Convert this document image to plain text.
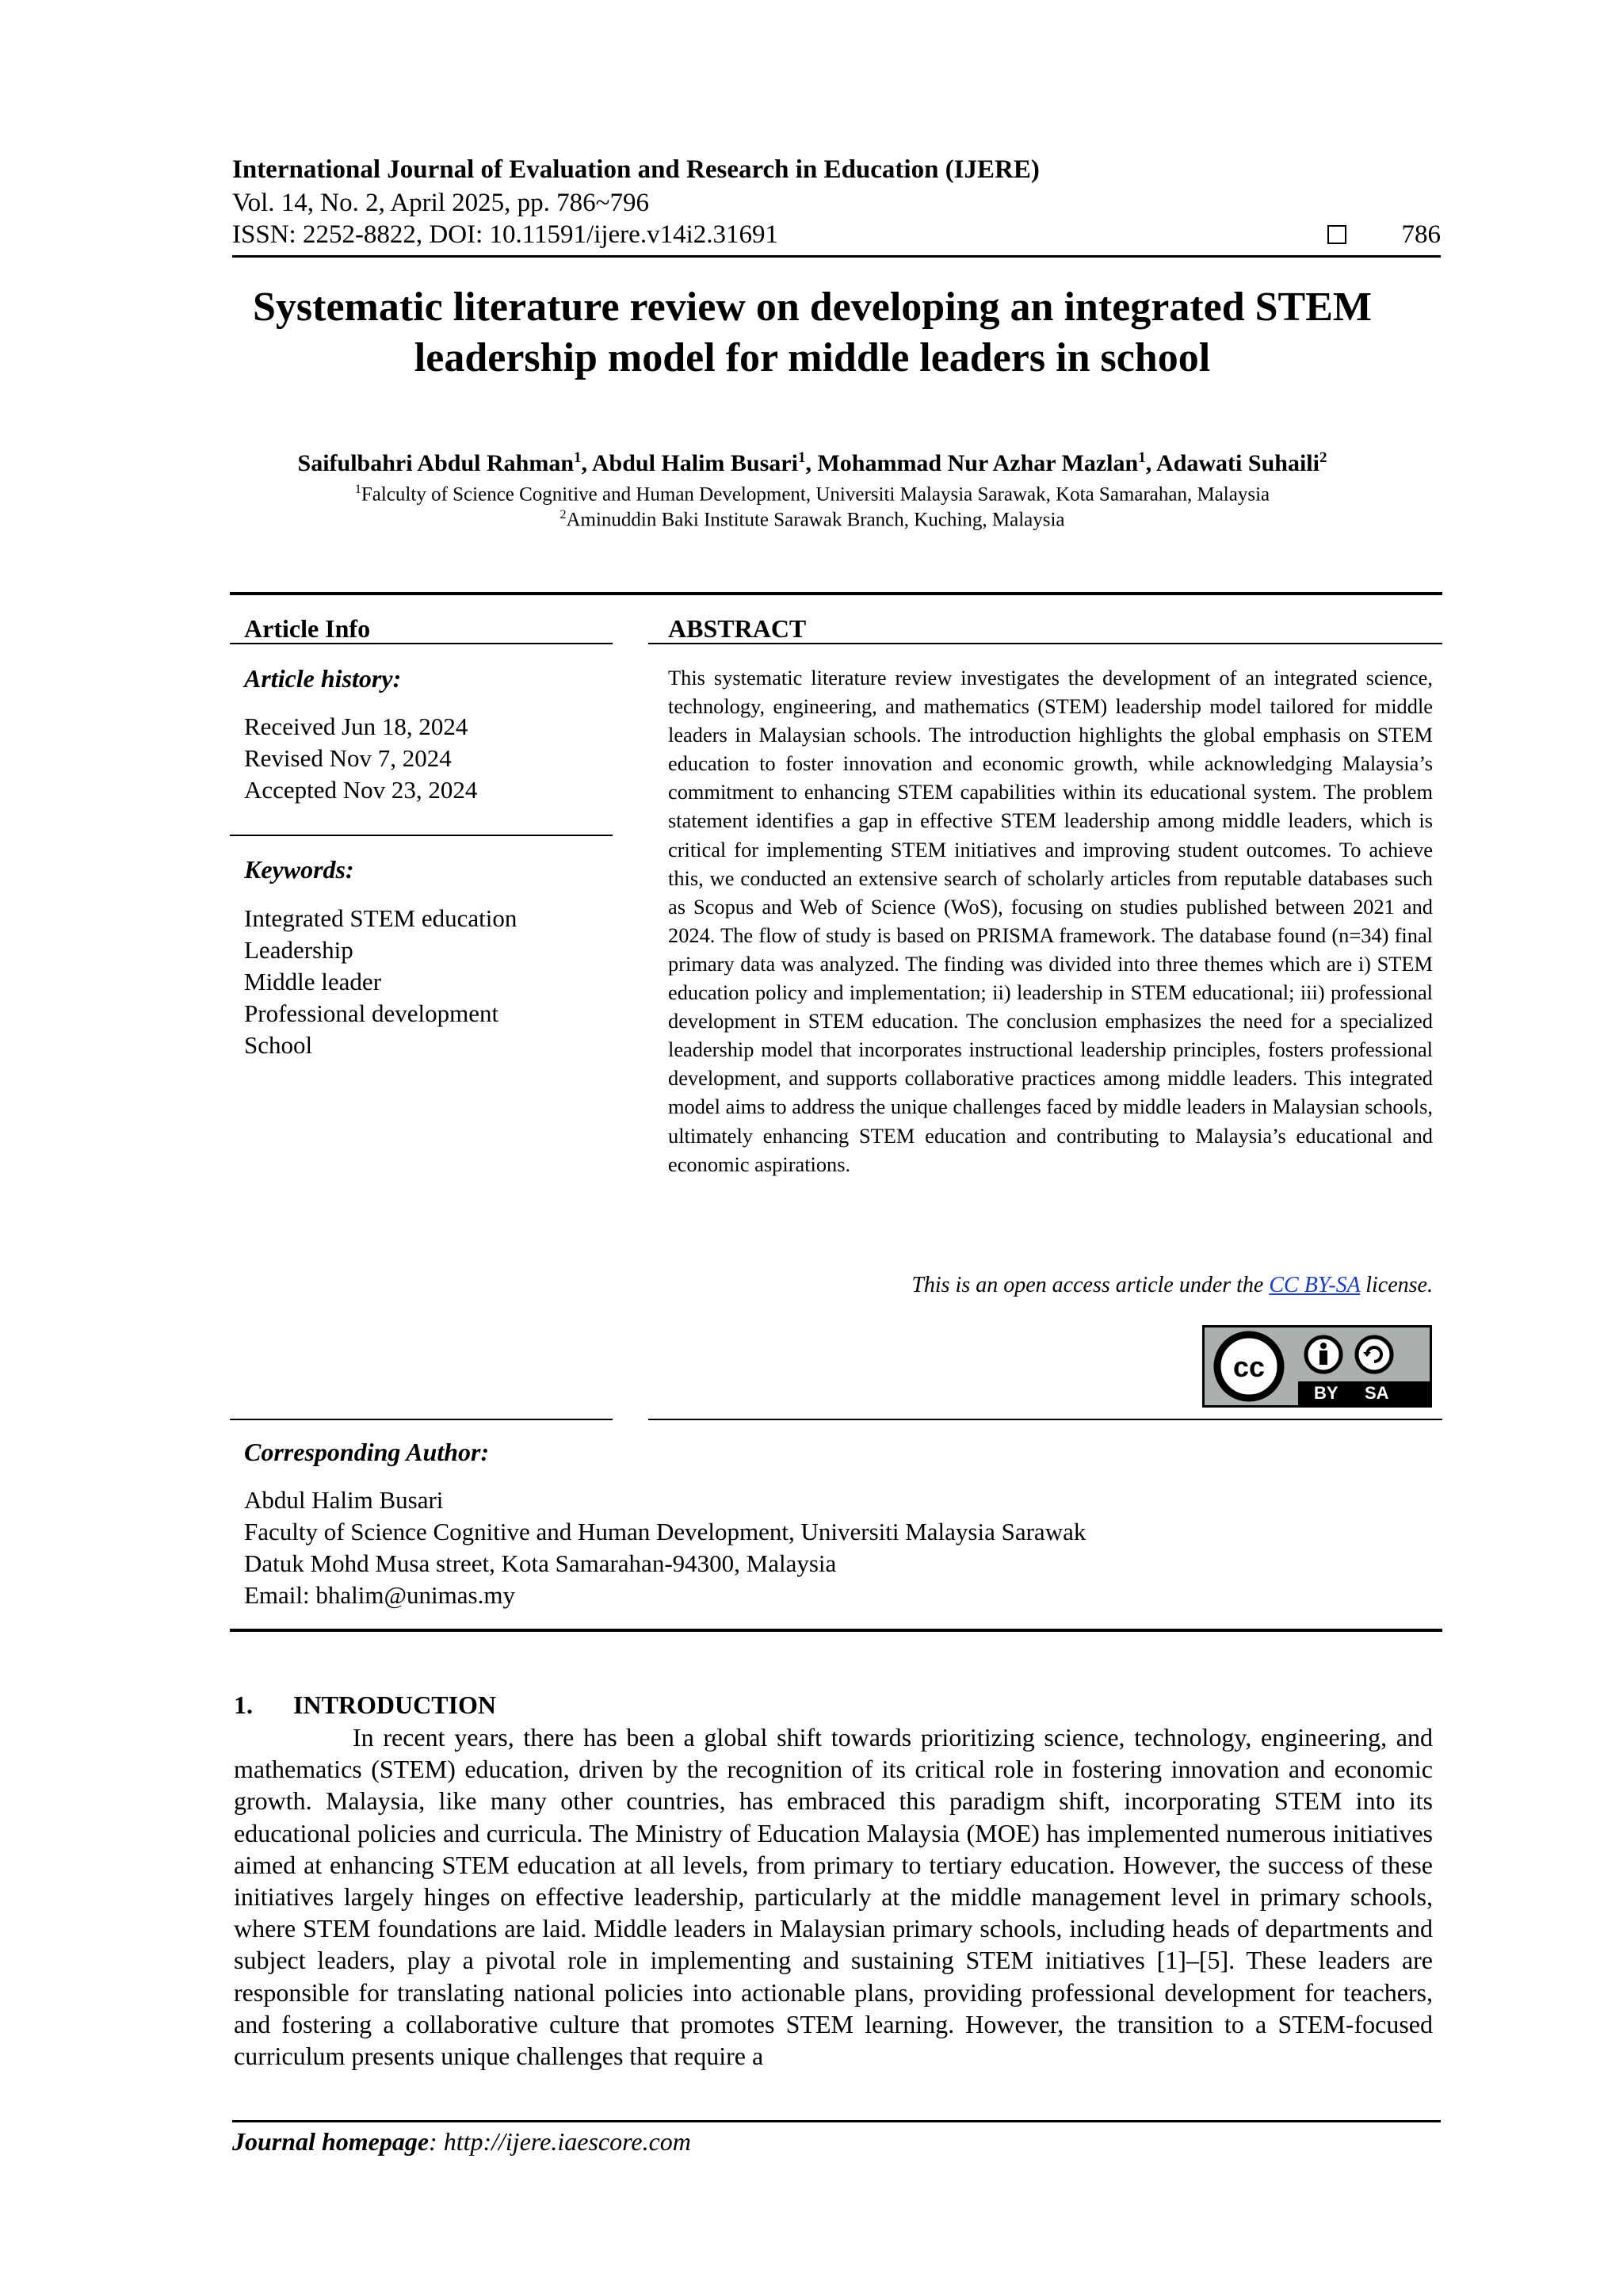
International Journal of Evaluation and Research in Education (IJERE)
Vol. 14, No. 2, April 2025, pp. 786~796
ISSN: 2252-8822, DOI: 10.11591/ijere.v14i2.31691	786
Systematic literature review on developing an integrated STEM
leadership model for middle leaders in school
Saifulbahri Abdul Rahman$^1$, Abdul Halim Busari$^1$, Mohammad Nur Azhar Mazlan$^1$, Adawati Suhaili$^2$
$^1$Falculty of Science Cognitive and Human Development, Universiti Malaysia Sarawak, Kota Samarahan, Malaysia
$^2$Aminuddin Baki Institute Sarawak Branch, Kuching, Malaysia
Article Info
Article history:
Received Jun 18, 2024
Revised Nov 7, 2024
Accepted Nov 23, 2024
Keywords:
Integrated STEM education
Leadership
Middle leader
Professional development
School
ABSTRACT
This systematic literature review investigates the development of an integrated science, technology, engineering, and mathematics (STEM) leadership model tailored for middle leaders in Malaysian schools. The introduction highlights the global emphasis on STEM education to foster innovation and economic growth, while acknowledging Malaysia’s commitment to enhancing STEM capabilities within its educational system. The problem statement identifies a gap in effective STEM leadership among middle leaders, which is critical for implementing STEM initiatives and improving student outcomes. To achieve this, we conducted an extensive search of scholarly articles from reputable databases such as Scopus and Web of Science (WoS), focusing on studies published between 2021 and 2024. The flow of study is based on PRISMA framework. The database found (n=34) final primary data was analyzed. The finding was divided into three themes which are i) STEM education policy and implementation; ii) leadership in STEM educational; iii) professional development in STEM education. The conclusion emphasizes the need for a specialized leadership model that incorporates instructional leadership principles, fosters professional development, and supports collaborative practices among middle leaders. This integrated model aims to address the unique challenges faced by middle leaders in Malaysian schools, ultimately enhancing STEM education and contributing to Malaysia’s educational and economic aspirations.
This is an open access article under the CC BY-SA license.
cc
BY SA
Corresponding Author:
Abdul Halim Busari
Faculty of Science Cognitive and Human Development, Universiti Malaysia Sarawak
Datuk Mohd Musa street, Kota Samarahan-94300, Malaysia
Email: bhalim@unimas.my
1. INTRODUCTION

In recent years, there has been a global shift towards prioritizing science, technology, engineering, and mathematics (STEM) education, driven by the recognition of its critical role in fostering innovation and economic growth. Malaysia, like many other countries, has embraced this paradigm shift, incorporating STEM into its educational policies and curricula. The Ministry of Education Malaysia (MOE) has implemented numerous initiatives aimed at enhancing STEM education at all levels, from primary to tertiary education. However, the success of these initiatives largely hinges on effective leadership, particularly at the middle management level in primary schools, where STEM foundations are laid. Middle leaders in Malaysian primary schools, including heads of departments and subject leaders, play a pivotal role in implementing and sustaining STEM initiatives [1]–[5]. These leaders are responsible for translating national policies into actionable plans, providing professional development for teachers, and fostering a collaborative culture that promotes STEM learning. However, the transition to a STEM-focused curriculum presents unique challenges that require a

Journal homepage: http://ijere.iaescore.com
